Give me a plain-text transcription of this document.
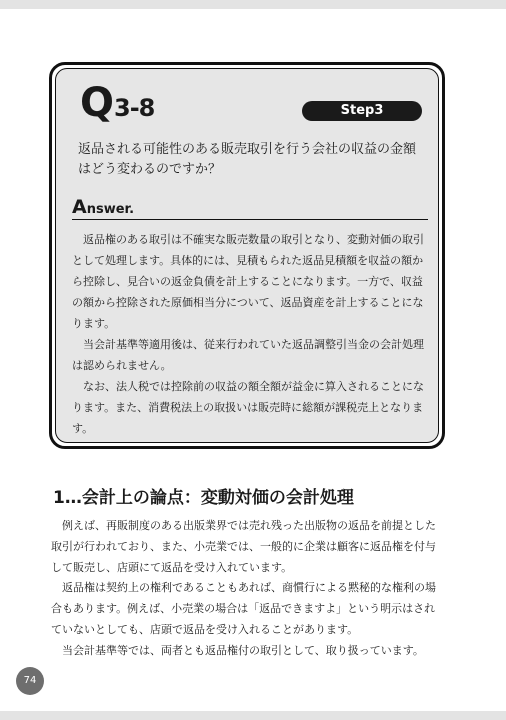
Q3-8	Step3
返品される可能性のある販売取引を行う会社の収益の金額はどう変わるのですか？
Answer.

返品権のある取引は不確実な販売数量の取引となり、変動対価の取引として処理します。具体的には、見積もられた返品見積額を収益の額から控除し、見合いの返金負債を計上することになります。一方で、収益の額から控除された原価相当分について、返品資産を計上することになります。

当会計基準等適用後は、従来行われていた返品調整引当金の会計処理は認められません。

なお、法人税では控除前の収益の額全額が益金に算入されることになります。また、消費税法上の取扱いは販売時に総額が課税売上となります。

1…会計上の論点：変動対価の会計処理

例えば、再販制度のある出版業界では売れ残った出版物の返品を前提とした取引が行われており、また、小売業では、一般的に企業は顧客に返品権を付与して販売し、店頭にて返品を受け入れています。

返品権は契約上の権利であることもあれば、商慣行による黙秘的な権利の場合もあります。例えば、小売業の場合は「返品できますよ」という明示はされていないとしても、店頭で返品を受け入れることがあります。

当会計基準等では、両者とも返品権付の取引として、取り扱っています。

74
